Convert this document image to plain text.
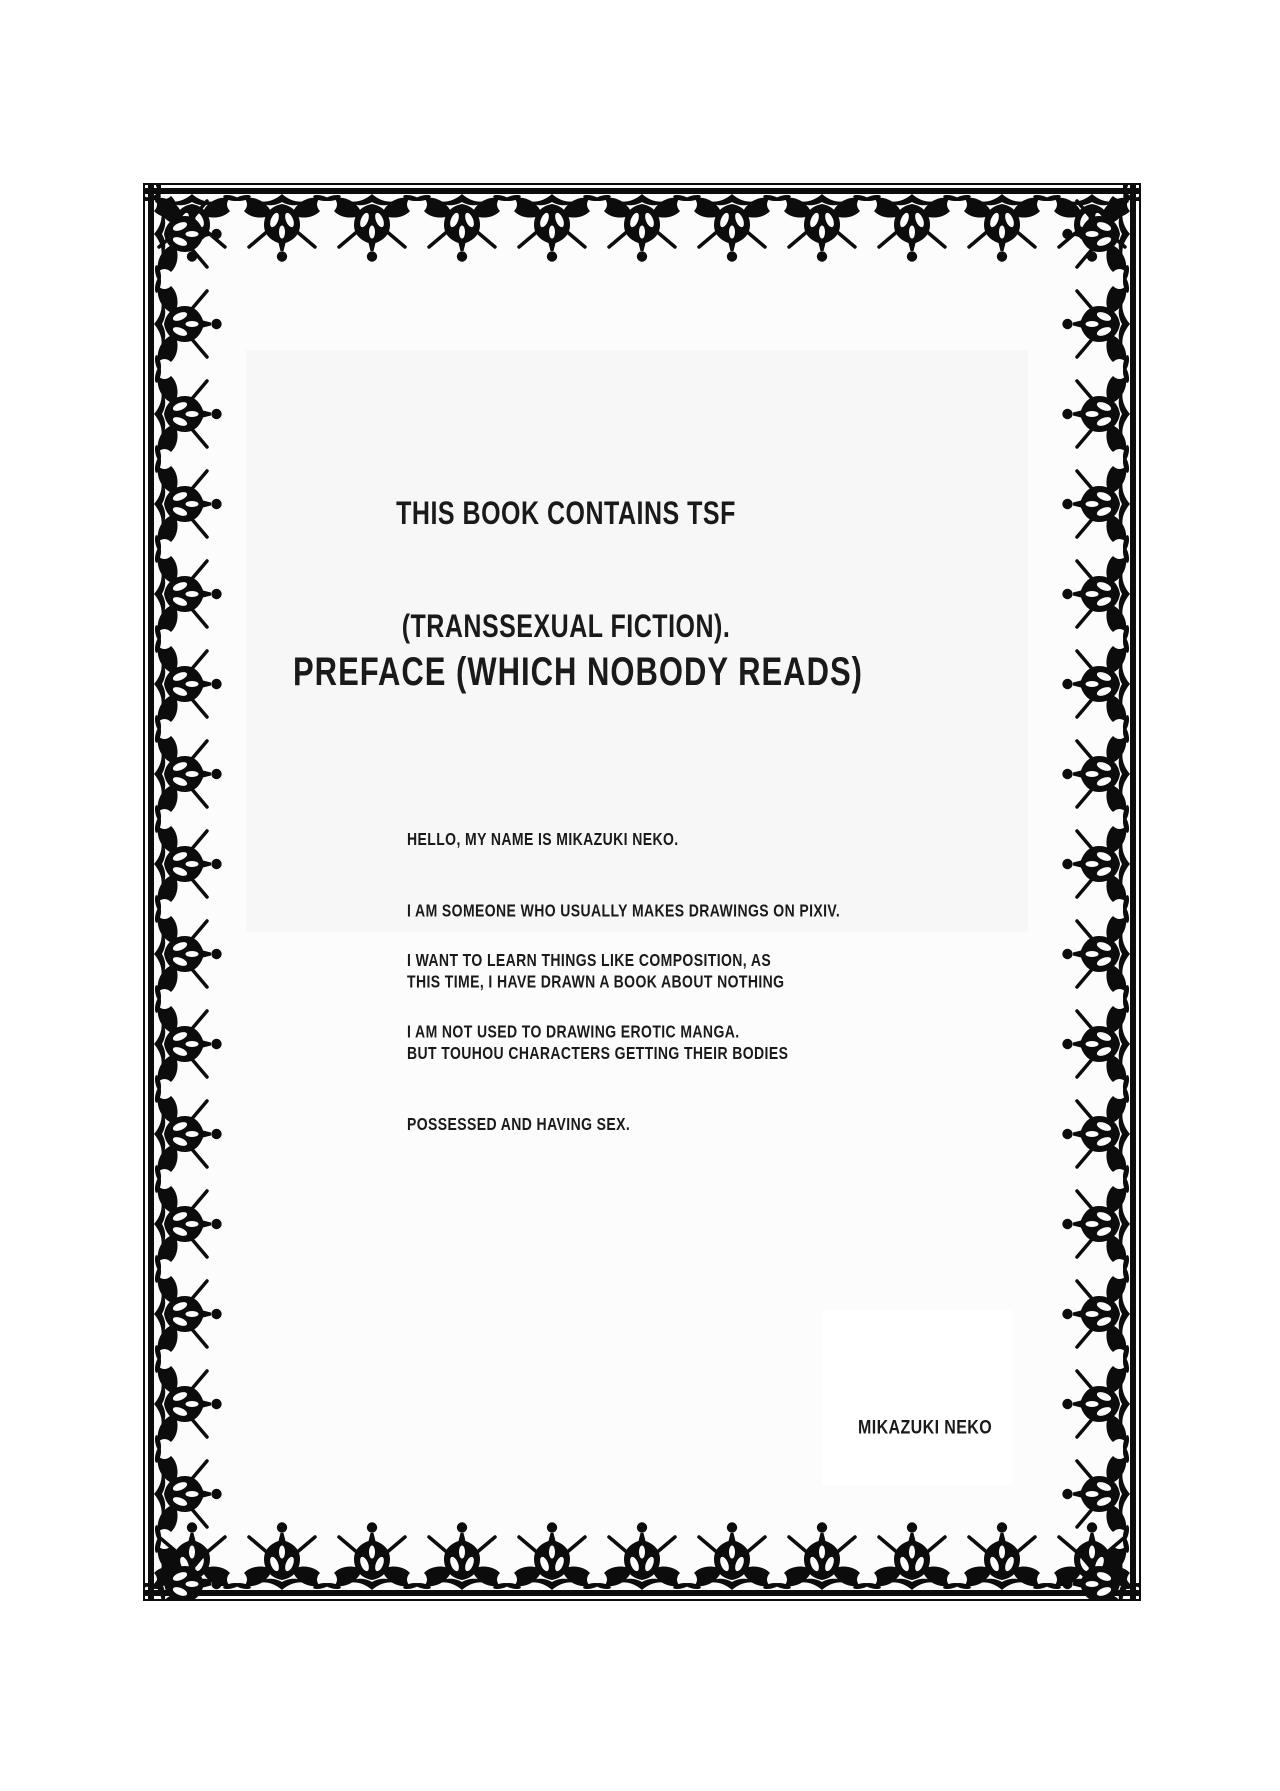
THIS BOOK CONTAINS TSF

(TRANSSEXUAL FICTION).

PREFACE (WHICH NOBODY READS)

HELLO, MY NAME IS MIKAZUKI NEKO.

I AM SOMEONE WHO USUALLY MAKES DRAWINGS ON PIXIV.

THIS TIME, I HAVE DRAWN A BOOK ABOUT NOTHING

BUT TOUHOU CHARACTERS GETTING THEIR BODIES

POSSESSED AND HAVING SEX.

I WANT TO LEARN THINGS LIKE COMPOSITION, AS

I AM NOT USED TO DRAWING EROTIC MANGA.

MIKAZUKI NEKO
